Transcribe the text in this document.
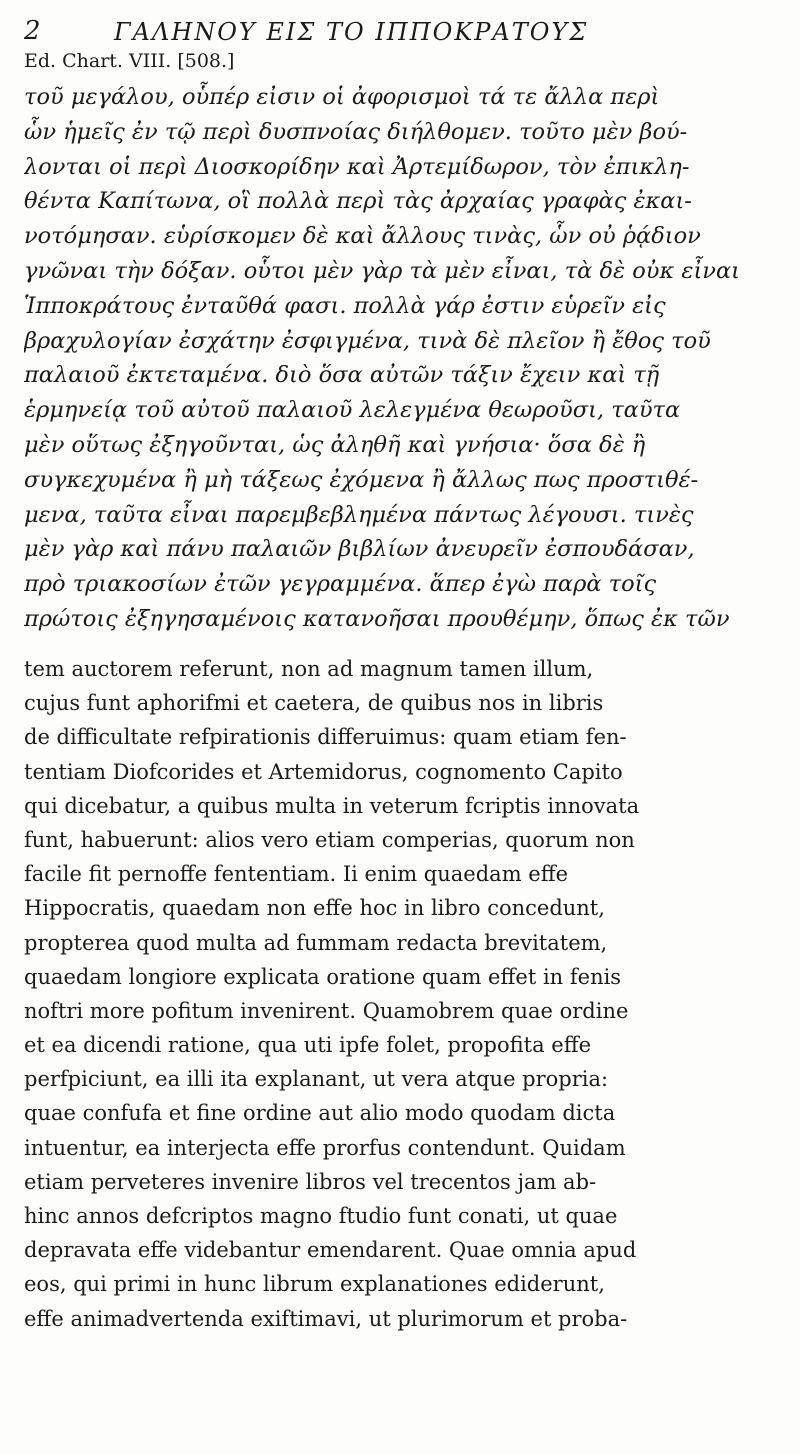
2	ΓΑΛΗΝΟΥ ΕΙΣ ΤΟ ΙΠΠΟΚΡΑΤΟΥΣ
Ed. Chart. VIII. [508.]
τοῦ μεγάλου, οὗπέρ εἰσιν οἱ ἀφορισμοὶ τά τε ἄλλα περὶ
ὧν ἡμεῖς ἐν τῷ περὶ δυσπνοίας διήλθομεν. τοῦτο μὲν βού-
λονται οἱ περὶ Διοσκορίδην καὶ Ἀρτεμίδωρον, τὸν ἐπικλη-
θέντα Καπίτωνα, οἳ πολλὰ περὶ τὰς ἀρχαίας γραφὰς ἐκαι-
νοτόμησαν. εὑρίσκομεν δὲ καὶ ἄλλους τινὰς, ὧν οὐ ῥᾴδιον
γνῶναι τὴν δόξαν. οὗτοι μὲν γὰρ τὰ μὲν εἶναι, τὰ δὲ οὐκ εἶναι
Ἱπποκράτους ἐνταῦθά φασι. πολλὰ γάρ ἐστιν εὑρεῖν εἰς
βραχυλογίαν ἐσχάτην ἐσφιγμένα, τινὰ δὲ πλεῖον ἢ ἔθος τοῦ
παλαιοῦ ἐκτεταμένα. διὸ ὅσα αὐτῶν τάξιν ἔχειν καὶ τῇ
ἑρμηνείᾳ τοῦ αὐτοῦ παλαιοῦ λελεγμένα θεωροῦσι, ταῦτα
μὲν οὕτως ἐξηγοῦνται, ὡς ἀληθῆ καὶ γνήσια· ὅσα δὲ ἢ
συγκεχυμένα ἢ μὴ τάξεως ἐχόμενα ἢ ἄλλως πως προστιθέ-
μενα, ταῦτα εἶναι παρεμβεβλημένα πάντως λέγουσι. τινὲς
μὲν γὰρ καὶ πάνυ παλαιῶν βιβλίων ἀνευρεῖν ἐσπουδάσαν,
πρὸ τριακοσίων ἐτῶν γεγραμμένα. ἅπερ ἐγὼ παρὰ τοῖς
πρώτοις ἐξηγησαμένοις κατανοῆσαι προυθέμην, ὅπως ἐκ τῶν
tem auctorem referunt, non ad magnum tamen illum,
cujus funt aphorifmi et caetera, de quibus nos in libris
de difficultate refpirationis differuimus: quam etiam fen-
tentiam Diofcorides et Artemidorus, cognomento Capito
qui dicebatur, a quibus multa in veterum fcriptis innovata
funt, habuerunt: alios vero etiam comperias, quorum non
facile fit pernoffe fententiam. Ii enim quaedam effe
Hippocratis, quaedam non effe hoc in libro concedunt,
propterea quod multa ad fummam redacta brevitatem,
quaedam longiore explicata oratione quam effet in fenis
noftri more pofitum invenirent. Quamobrem quae ordine
et ea dicendi ratione, qua uti ipfe folet, propofita effe
perfpiciunt, ea illi ita explanant, ut vera atque propria:
quae confufa et fine ordine aut alio modo quodam dicta
intuentur, ea interjecta effe prorfus contendunt. Quidam
etiam perveteres invenire libros vel trecentos jam ab-
hinc annos defcriptos magno ftudio funt conati, ut quae
depravata effe videbantur emendarent. Quae omnia apud
eos, qui primi in hunc librum explanationes ediderunt,
effe animadvertenda exiftimavi, ut plurimorum et proba-
